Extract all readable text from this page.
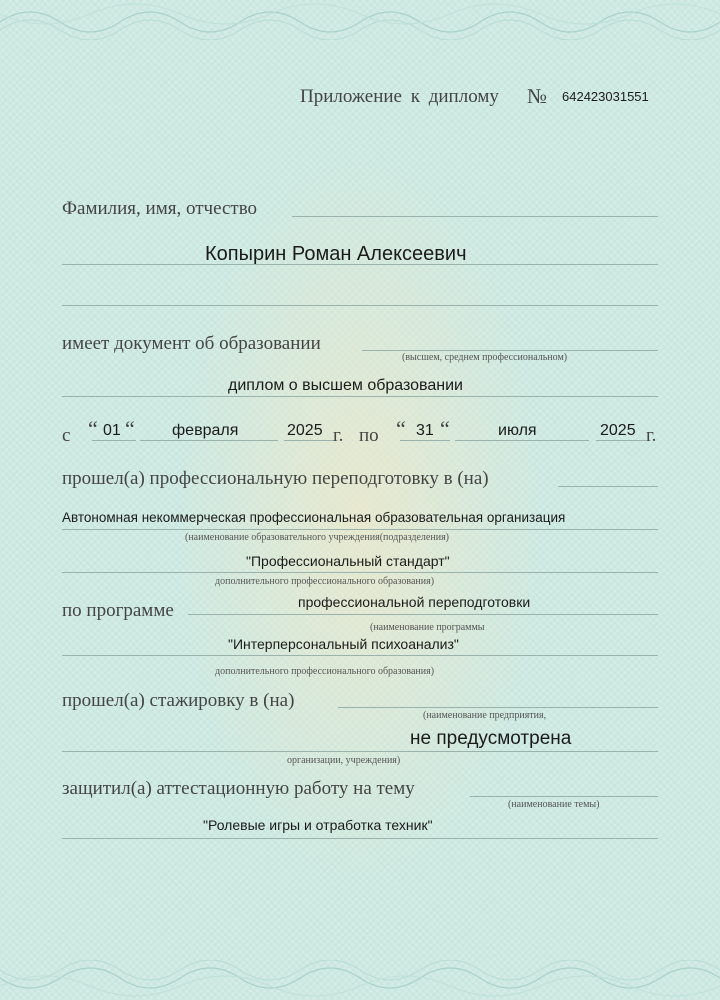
Приложение к диплому № 642423031551
Фамилия, имя, отчество
Копырин Роман Алексеевич
имеет документ об образовании
(высшем, среднем профессиональном)
диплом о высшем образовании
с “ 01 “ февраля	2025 г. по “ 31 “	июля	2025 г.
прошел(а) профессиональную переподготовку в (на)
Автономная некоммерческая профессиональная образовательная организация
(наименование образовательного учреждения(подразделения)
"Профессиональный стандарт"
дополнительного профессионального образования)
по программе	профессиональной переподготовки
(наименование программы
"Интерперсональный психоанализ"
дополнительного профессионального образования)
прошел(а) стажировку в (на)
(наименование предприятия,
не предусмотрена
организации, учреждения)
защитил(а) аттестационную работу на тему
(наименование темы)
"Ролевые игры и отработка техник"
